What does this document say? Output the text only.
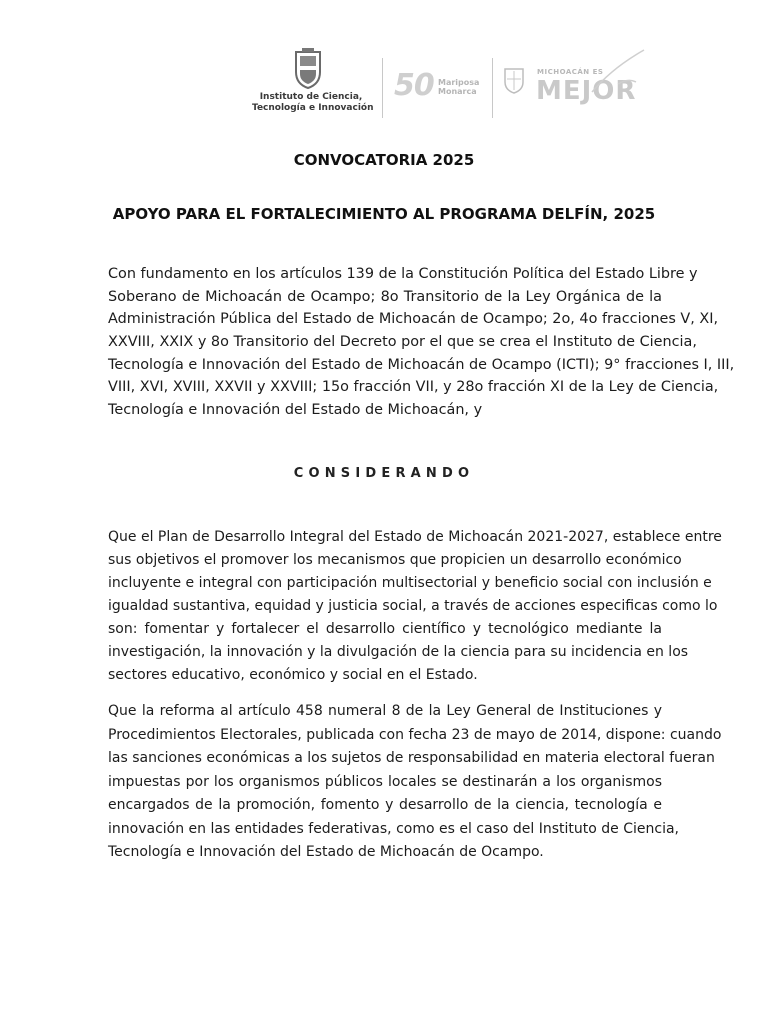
Instituto de Ciencia,
Tecnología e Innovación
50 Mariposa
Monarca
MICHOACÁN ES
MEJOR
CONVOCATORIA 2025
APOYO PARA EL FORTALECIMIENTO AL PROGRAMA DELFÍN, 2025
Con fundamento en los artículos 139 de la Constitución Política del Estado Libre y
Soberano de Michoacán de Ocampo; 8o Transitorio de la Ley Orgánica de la
Administración Pública del Estado de Michoacán de Ocampo; 2o, 4o fracciones V, XI,
XXVIII, XXIX y 8o Transitorio del Decreto por el que se crea el Instituto de Ciencia,
Tecnología e Innovación del Estado de Michoacán de Ocampo (ICTI); 9° fracciones I, III,
VIII, XVI, XVIII, XXVII y XXVIII; 15o fracción VII, y 28o fracción XI de la Ley de Ciencia,
Tecnología e Innovación del Estado de Michoacán, y
CONSIDERANDO
Que el Plan de Desarrollo Integral del Estado de Michoacán 2021-2027, establece entre
sus objetivos el promover los mecanismos que propicien un desarrollo económico
incluyente e integral con participación multisectorial y beneficio social con inclusión e
igualdad sustantiva, equidad y justicia social, a través de acciones especificas como lo
son: fomentar y fortalecer el desarrollo científico y tecnológico mediante la
investigación, la innovación y la divulgación de la ciencia para su incidencia en los
sectores educativo, económico y social en el Estado.
Que la reforma al artículo 458 numeral 8 de la Ley General de Instituciones y
Procedimientos Electorales, publicada con fecha 23 de mayo de 2014, dispone: cuando
las sanciones económicas a los sujetos de responsabilidad en materia electoral fueran
impuestas por los organismos públicos locales se destinarán a los organismos
encargados de la promoción, fomento y desarrollo de la ciencia, tecnología e
innovación en las entidades federativas, como es el caso del Instituto de Ciencia,
Tecnología e Innovación del Estado de Michoacán de Ocampo.
